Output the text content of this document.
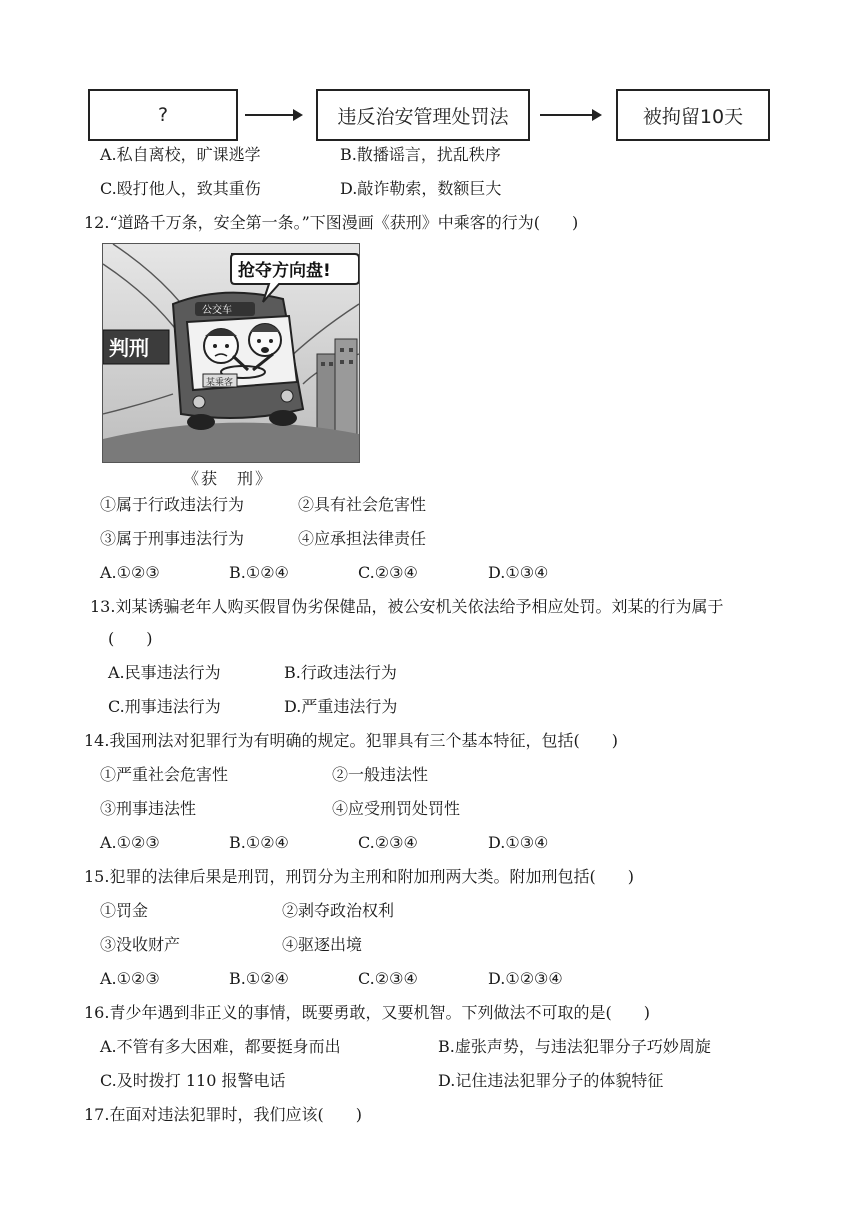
?	违反治安管理处罚法	被拘留10天
A.私自离校，旷课逃学	B.散播谣言，扰乱秩序
C.殴打他人，致其重伤	D.敲诈勒索，数额巨大
12.“道路千万条，安全第一条。”下图漫画《获刑》中乘客的行为(　　)
公交车
某乘客
判刑
抢夺方向盘!
《获　刑》
①属于行政违法行为	②具有社会危害性
③属于刑事违法行为	④应承担法律责任
A.①②③	B.①②④	C.②③④	D.①③④
13.刘某诱骗老年人购买假冒伪劣保健品，被公安机关依法给予相应处罚。刘某的行为属于
(　　)
A.民事违法行为	B.行政违法行为
C.刑事违法行为	D.严重违法行为
14.我国刑法对犯罪行为有明确的规定。犯罪具有三个基本特征，包括(　　)
①严重社会危害性	②一般违法性
③刑事违法性	④应受刑罚处罚性
A.①②③	B.①②④	C.②③④	D.①③④
15.犯罪的法律后果是刑罚，刑罚分为主刑和附加刑两大类。附加刑包括(　　)
①罚金	②剥夺政治权利
③没收财产	④驱逐出境
A.①②③	B.①②④	C.②③④	D.①②③④
16.青少年遇到非正义的事情，既要勇敢，又要机智。下列做法不可取的是(　　)
A.不管有多大困难，都要挺身而出	B.虚张声势，与违法犯罪分子巧妙周旋
C.及时拨打 110 报警电话	D.记住违法犯罪分子的体貌特征
17.在面对违法犯罪时，我们应该(　　)
